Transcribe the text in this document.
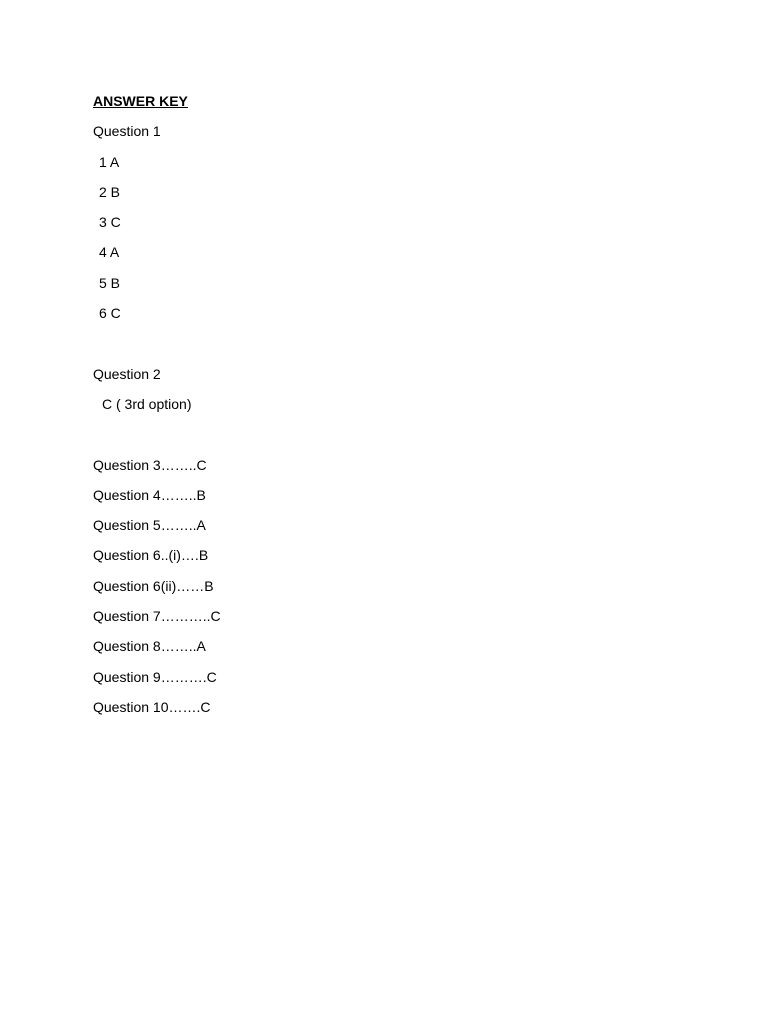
ANSWER KEY
Question 1
1 A
2 B
3 C
4 A
5 B
6 C
Question 2
C ( 3rd option)
Question 3……..C
Question 4……..B
Question 5……..A
Question 6..(i)….B
Question 6(ii)……B
Question 7………..C
Question 8……..A
Question 9……….C
Question 10…….C
